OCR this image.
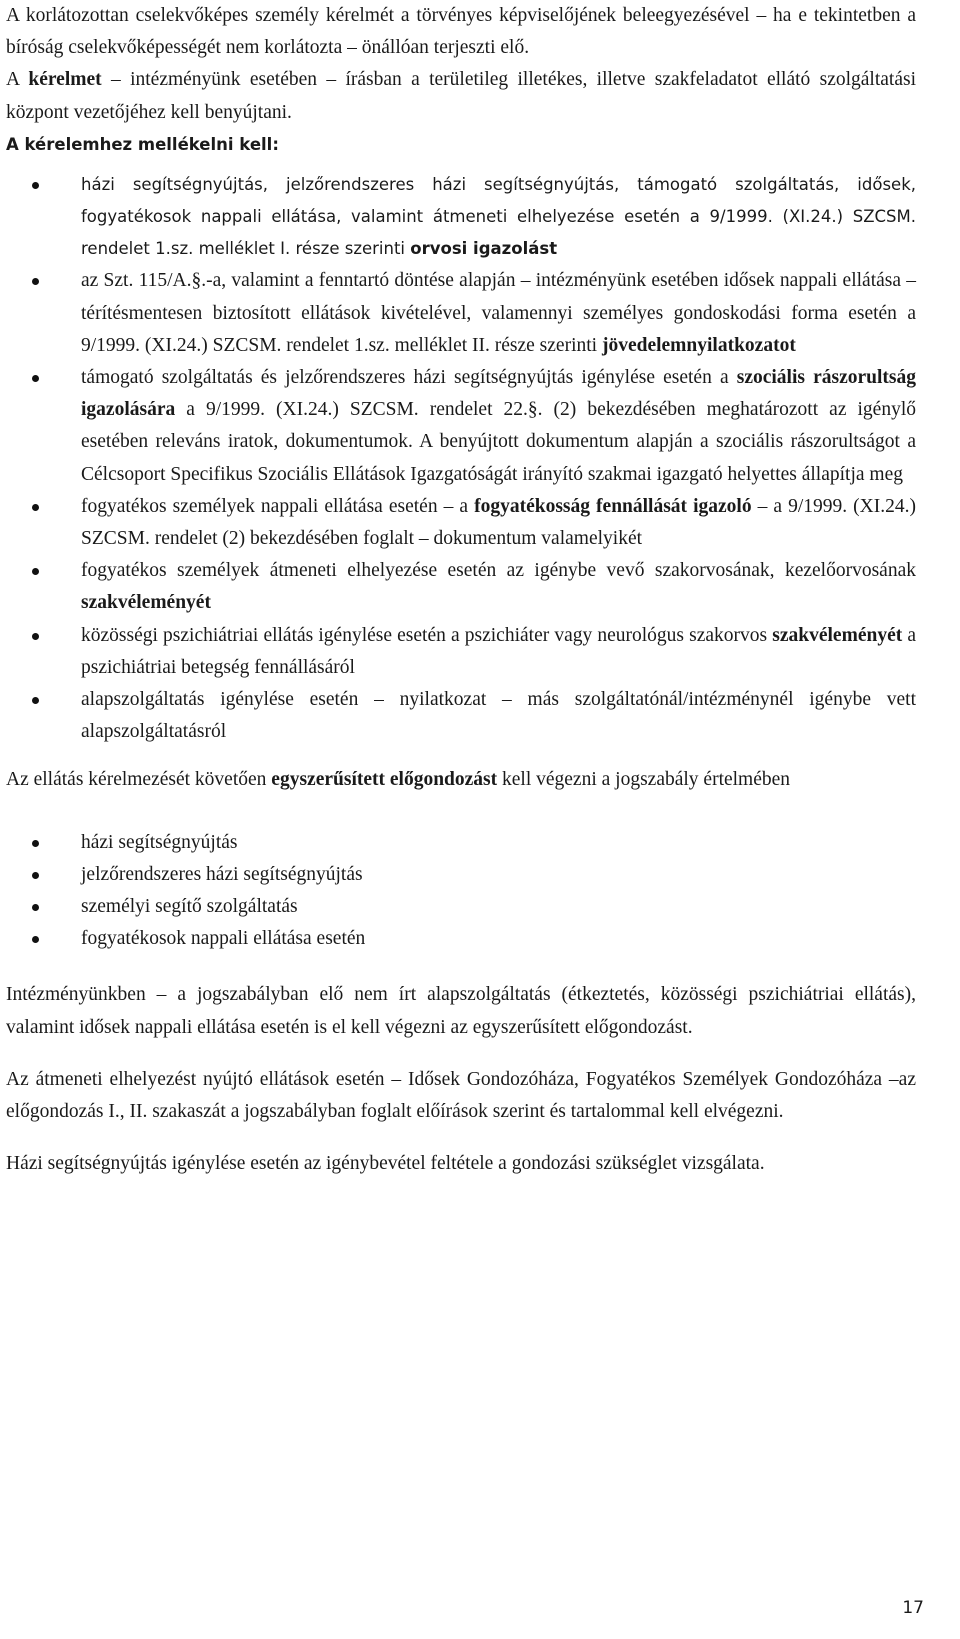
A korlátozottan cselekvőképes személy kérelmét a törvényes képviselőjének beleegyezésével – ha e tekintetben a bíróság cselekvőképességét nem korlátozta – önállóan terjeszti elő.

A kérelmet – intézményünk esetében – írásban a területileg illetékes, illetve szakfeladatot ellátó szolgáltatási központ vezetőjéhez kell benyújtani.

A kérelemhez mellékelni kell:

házi segítségnyújtás, jelzőrendszeres házi segítségnyújtás, támogató szolgáltatás, idősek, fogyatékosok nappali ellátása, valamint átmeneti elhelyezése esetén a 9/1999. (XI.24.) SZCSM. rendelet 1.sz. melléklet I. része szerinti orvosi igazolást
az Szt. 115/A.§.-a, valamint a fenntartó döntése alapján – intézményünk esetében idősek nappali ellátása – térítésmentesen biztosított ellátások kivételével, valamennyi személyes gondoskodási forma esetén a 9/1999. (XI.24.) SZCSM. rendelet 1.sz. melléklet II. része szerinti jövedelemnyilatkozatot
támogató szolgáltatás és jelzőrendszeres házi segítségnyújtás igénylése esetén a szociális rászorultság igazolására a 9/1999. (XI.24.) SZCSM. rendelet 22.§. (2) bekezdésében meghatározott az igénylő esetében releváns iratok, dokumentumok. A benyújtott dokumentum alapján a szociális rászorultságot a Célcsoport Specifikus Szociális Ellátások Igazgatóságát irányító szakmai igazgató helyettes állapítja meg
fogyatékos személyek nappali ellátása esetén – a fogyatékosság fennállását igazoló – a 9/1999. (XI.24.) SZCSM. rendelet (2) bekezdésében foglalt – dokumentum valamelyikét
fogyatékos személyek átmeneti elhelyezése esetén az igénybe vevő szakorvosának, kezelőorvosának szakvéleményét
közösségi pszichiátriai ellátás igénylése esetén a pszichiáter vagy neurológus szakorvos szakvéleményét a pszichiátriai betegség fennállásáról
alapszolgáltatás igénylése esetén – nyilatkozat – más szolgáltatónál/intézménynél igénybe vett alapszolgáltatásról

Az ellátás kérelmezését követően egyszerűsített előgondozást kell végezni a jogszabály értelmében

házi segítségnyújtás
jelzőrendszeres házi segítségnyújtás
személyi segítő szolgáltatás
fogyatékosok nappali ellátása esetén

Intézményünkben – a jogszabályban elő nem írt alapszolgáltatás (étkeztetés, közösségi pszichiátriai ellátás), valamint idősek nappali ellátása esetén is el kell végezni az egyszerűsített előgondozást.

Az átmeneti elhelyezést nyújtó ellátások esetén – Idősek Gondozóháza, Fogyatékos Személyek Gondozóháza –az előgondozás I., II. szakaszát a jogszabályban foglalt előírások szerint és tartalommal kell elvégezni.

Házi segítségnyújtás igénylése esetén az igénybevétel feltétele a gondozási szükséglet vizsgálata.

17
